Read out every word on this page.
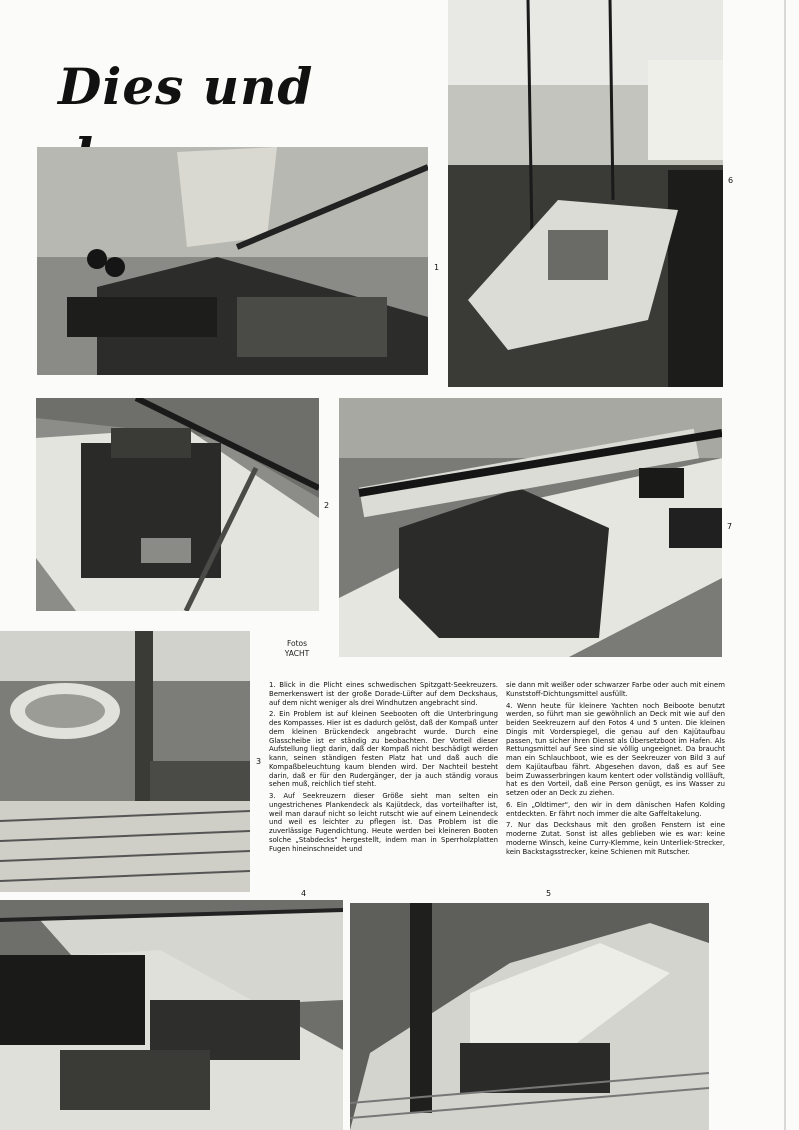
Dies und
1
6
2
7
Fotos
YACHT
3

1. Blick in die Plicht eines schwedischen Spitzgatt-Seekreuzers. Bemerkenswert ist der große Dorade-Lüfter auf dem Deckshaus, auf dem nicht weniger als drei Windhutzen angebracht sind.

2. Ein Problem ist auf kleinen Seebooten oft die Unterbringung des Kompasses. Hier ist es dadurch gelöst, daß der Kompaß unter dem kleinen Brückendeck angebracht wurde. Durch eine Glasscheibe ist er ständig zu beobachten. Der Vorteil dieser Aufstellung liegt darin, daß der Kompaß nicht beschädigt werden kann, seinen ständigen festen Platz hat und daß auch die Kompaßbeleuchtung kaum blenden wird. Der Nachteil besteht darin, daß er für den Rudergänger, der ja auch ständig voraus sehen muß, reichlich tief steht.

3. Auf Seekreuzern dieser Größe sieht man selten ein ungestrichenes Plankendeck als Kajütdeck, das vorteilhafter ist, weil man darauf nicht so leicht rutscht wie auf einem Leinendeck und weil es leichter zu pflegen ist. Das Problem ist die zuverlässige Fugendichtung. Heute werden bei kleineren Booten solche „Stabdecks" hergestellt, indem man in Sperrholzplatten Fugen hineinschneidet und

sie dann mit weißer oder schwarzer Farbe oder auch mit einem Kunststoff-Dichtungsmittel ausfüllt.

4. Wenn heute für kleinere Yachten noch Beiboote benutzt werden, so führt man sie gewöhnlich an Deck mit wie auf den beiden Seekreuzern auf den Fotos 4 und 5 unten. Die kleinen Dingis mit Vorderspiegel, die genau auf den Kajütaufbau passen, tun sicher ihren Dienst als Übersetzboot im Hafen. Als Rettungsmittel auf See sind sie völlig ungeeignet. Da braucht man ein Schlauchboot, wie es der Seekreuzer von Bild 3 auf dem Kajütaufbau fährt. Abgesehen davon, daß es auf See beim Zuwasserbringen kaum kentert oder vollständig vollläuft, hat es den Vorteil, daß eine Person genügt, es ins Wasser zu setzen oder an Deck zu ziehen.

6. Ein „Oldtimer", den wir in dem dänischen Hafen Kolding entdeckten. Er fährt noch immer die alte Gaffeltakelung.

7. Nur das Deckshaus mit den großen Fenstern ist eine moderne Zutat. Sonst ist alles geblieben wie es war: keine moderne Winsch, keine Curry-Klemme, kein Unterliek-Strecker, kein Backstagsstrecker, keine Schienen mit Rutscher.

4	5
